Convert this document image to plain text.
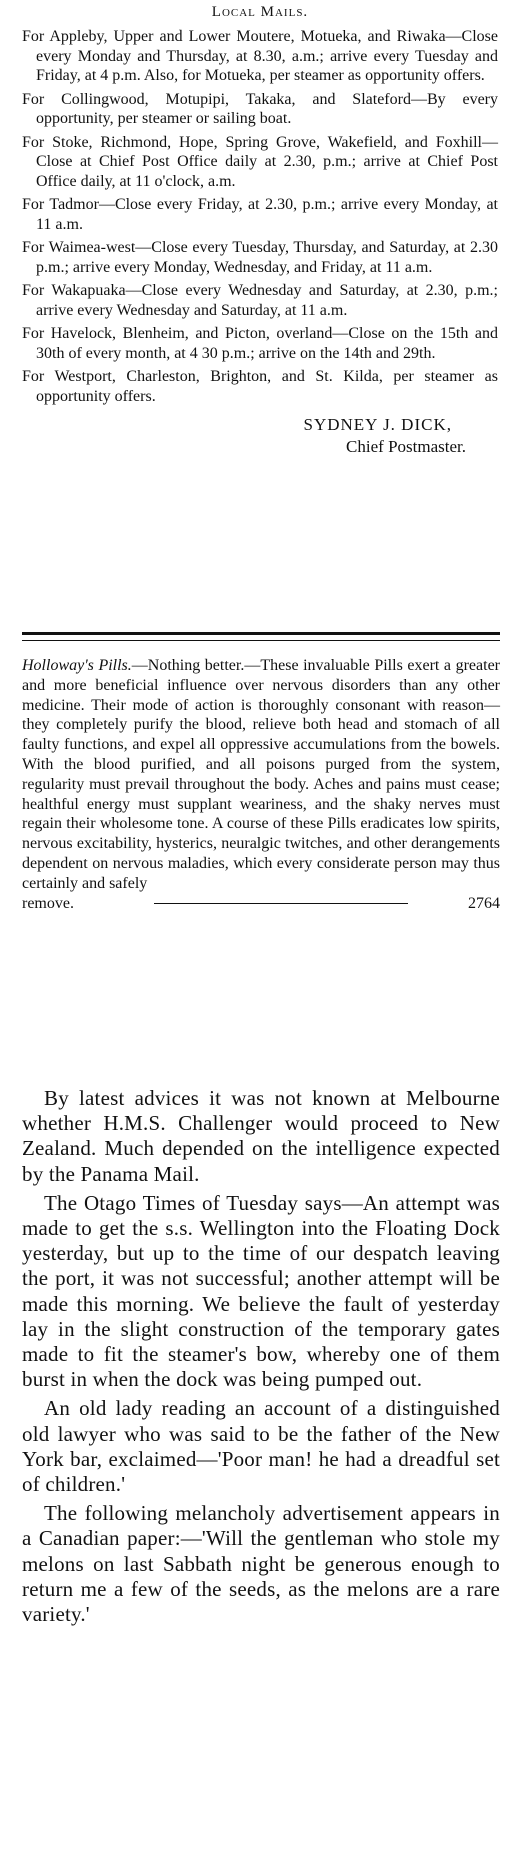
Local Mails.

For Appleby, Upper and Lower Moutere, Motueka, and Riwaka—Close every Monday and Thursday, at 8.30, a.m.; arrive every Tuesday and Friday, at 4 p.m. Also, for Motueka, per steamer as opportunity offers.

For Collingwood, Motupipi, Takaka, and Slateford—By every opportunity, per steamer or sailing boat.

For Stoke, Richmond, Hope, Spring Grove, Wakefield, and Foxhill—Close at Chief Post Office daily at 2.30, p.m.; arrive at Chief Post Office daily, at 11 o'clock, a.m.

For Tadmor—Close every Friday, at 2.30, p.m.; arrive every Monday, at 11 a.m.

For Waimea-west—Close every Tuesday, Thursday, and Saturday, at 2.30 p.m.; arrive every Monday, Wednesday, and Friday, at 11 a.m.

For Wakapuaka—Close every Wednesday and Saturday, at 2.30, p.m.; arrive every Wednesday and Saturday, at 11 a.m.

For Havelock, Blenheim, and Picton, overland—Close on the 15th and 30th of every month, at 4 30 p.m.; arrive on the 14th and 29th.

For Westport, Charleston, Brighton, and St. Kilda, per steamer as opportunity offers.

SYDNEY J. DICK,
Chief Postmaster.
Holloway's Pills.—Nothing better.—These invaluable Pills exert a greater and more beneficial influence over nervous disorders than any other medicine. Their mode of action is thoroughly consonant with reason—they completely purify the blood, relieve both head and stomach of all faulty functions, and expel all oppressive accumulations from the bowels. With the blood purified, and all poisons purged from the system, regularity must prevail throughout the body. Aches and pains must cease; healthful energy must supplant weariness, and the shaky nerves must regain their wholesome tone. A course of these Pills eradicates low spirits, nervous excitability, hysterics, neuralgic twitches, and other derangements dependent on nervous maladies, which every considerate person may thus certainly and safely
remove.	2764

By latest advices it was not known at Melbourne whether H.M.S. Challenger would proceed to New Zealand. Much depended on the intelligence expected by the Panama Mail.

The Otago Times of Tuesday says—An attempt was made to get the s.s. Wellington into the Floating Dock yesterday, but up to the time of our despatch leaving the port, it was not successful; another attempt will be made this morning. We believe the fault of yesterday lay in the slight construction of the temporary gates made to fit the steamer's bow, whereby one of them burst in when the dock was being pumped out.

An old lady reading an account of a distinguished old lawyer who was said to be the father of the New York bar, exclaimed—'Poor man! he had a dreadful set of children.'

The following melancholy advertisement appears in a Canadian paper:—'Will the gentleman who stole my melons on last Sabbath night be generous enough to return me a few of the seeds, as the melons are a rare variety.'
